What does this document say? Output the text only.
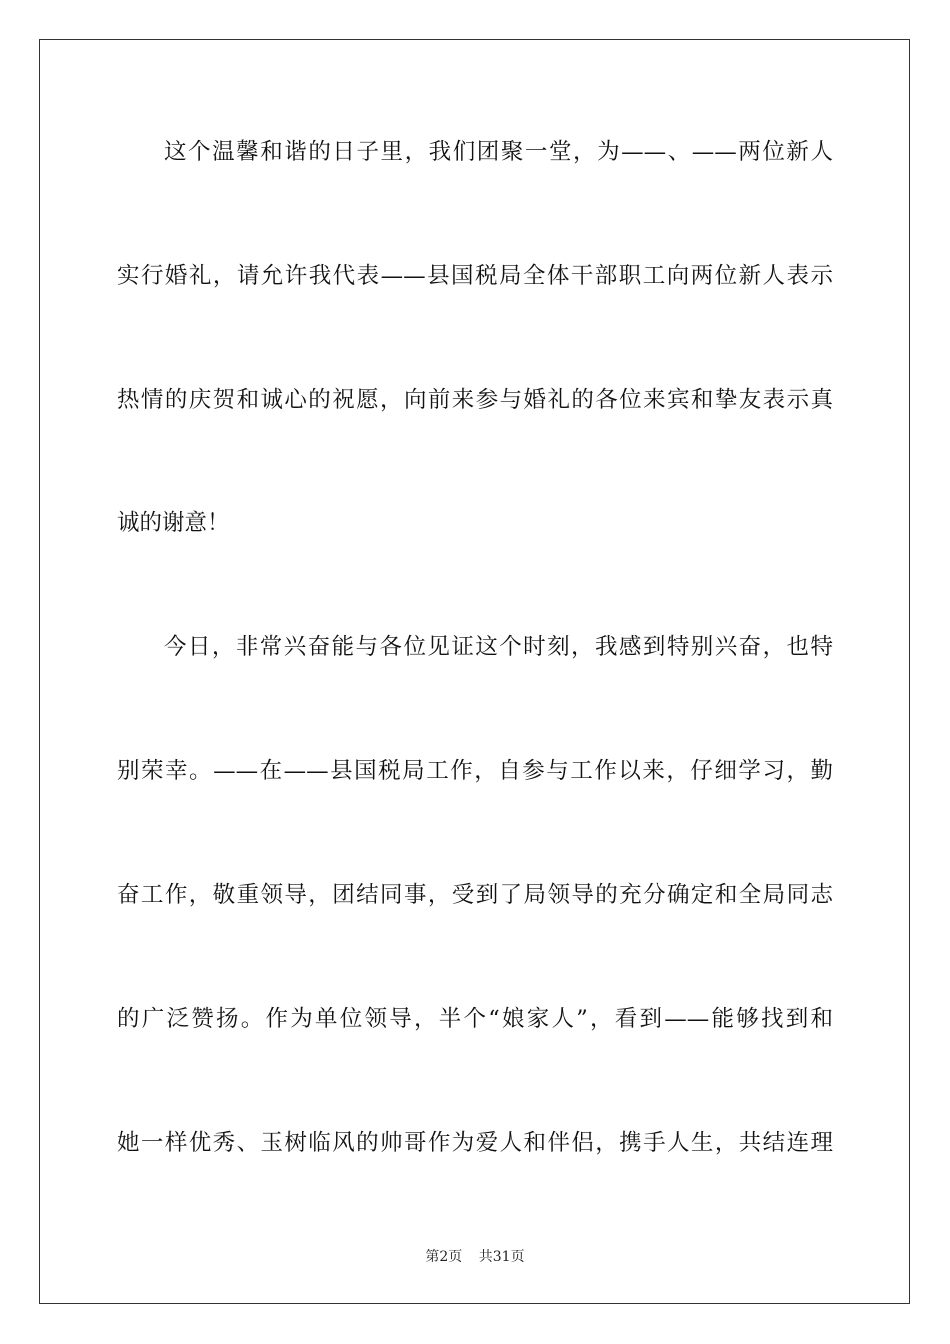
这个温馨和谐的日子里，我们团聚一堂，为——、——两位新人
实行婚礼，请允许我代表——县国税局全体干部职工向两位新人表示
热情的庆贺和诚心的祝愿，向前来参与婚礼的各位来宾和挚友表示真
诚的谢意！
今日，非常兴奋能与各位见证这个时刻，我感到特别兴奋，也特
别荣幸。——在——县国税局工作，自参与工作以来，仔细学习，勤
奋工作，敬重领导，团结同事，受到了局领导的充分确定和全局同志
的广泛赞扬。作为单位领导，半个“娘家人”，看到——能够找到和
她一样优秀、玉树临风的帅哥作为爱人和伴侣，携手人生，共结连理
第2页 共31页
